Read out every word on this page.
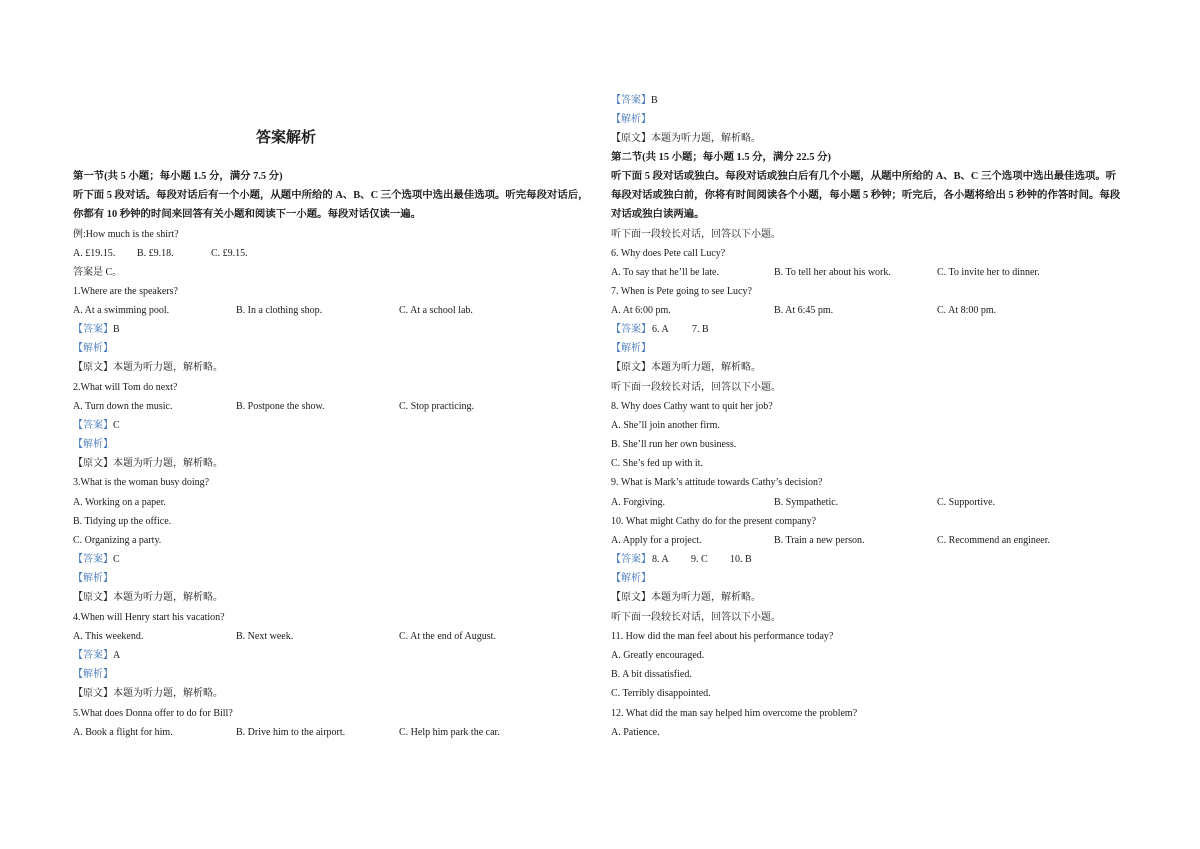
答案解析
第一节(共 5 小题；每小题 1.5 分，满分 7.5 分)
听下面 5 段对话。每段对话后有一个小题，从题中所给的 A、B、C 三个选项中选出最佳选项。听完每段对话后，
你都有 10 秒钟的时间来回答有关小题和阅读下一小题。每段对话仅读一遍。
例:How much is the shirt?
A. £19.15. B. £9.18.	C. £9.15.
答案是 C。
1.Where are the speakers?
A. At a swimming pool.	B. In a clothing shop.	C. At a school lab.
【答案】B
【解析】
【原文】本题为听力题，解析略。
2.What will Tom do next?
A. Turn down the music.	B. Postpone the show.	C. Stop practicing.
【答案】C
【解析】
【原文】本题为听力题，解析略。
3.What is the woman busy doing?
A. Working on a paper.
B. Tidying up the office.
C. Organizing a party.
【答案】C
【解析】
【原文】本题为听力题，解析略。
4.When will Henry start his vacation?
A. This weekend.	B. Next week.	C. At the end of August.
【答案】A
【解析】
【原文】本题为听力题，解析略。
5.What does Donna offer to do for Bill?
A. Book a flight for him.	B. Drive him to the airport.	C. Help him park the car.
【答案】B
【解析】
【原文】本题为听力题，解析略。
第二节(共 15 小题；每小题 1.5 分，满分 22.5 分)
听下面 5 段对话或独白。每段对话或独白后有几个小题，从题中所给的 A、B、C 三个选项中选出最佳选项。听
每段对话或独白前，你将有时间阅读各个小题，每小题 5 秒钟；听完后，各小题将给出 5 秒钟的作答时间。每段
对话或独白读两遍。
听下面一段较长对话，回答以下小题。
6. Why does Pete call Lucy?
A. To say that he’ll be late.	B. To tell her about his work.	C. To invite her to dinner.
7. When is Pete going to see Lucy?
A. At 6:00 pm.	B. At 6:45 pm.	C. At 8:00 pm.
【答案】 6. A 7. B
【解析】
【原文】本题为听力题，解析略。
听下面一段较长对话，回答以下小题。
8. Why does Cathy want to quit her job?
A. She’ll join another firm.
B. She’ll run her own business.
C. She’s fed up with it.
9. What is Mark’s attitude towards Cathy’s decision?
A. Forgiving.	B. Sympathetic.	C. Supportive.
10. What might Cathy do for the present company?
A. Apply for a project.	B. Train a new person.	C. Recommend an engineer.
【答案】 8. A 9. C 10. B
【解析】
【原文】本题为听力题，解析略。
听下面一段较长对话，回答以下小题。
11. How did the man feel about his performance today?
A. Greatly encouraged.
B. A bit dissatisfied.
C. Terribly disappointed.
12. What did the man say helped him overcome the problem?
A. Patience.
